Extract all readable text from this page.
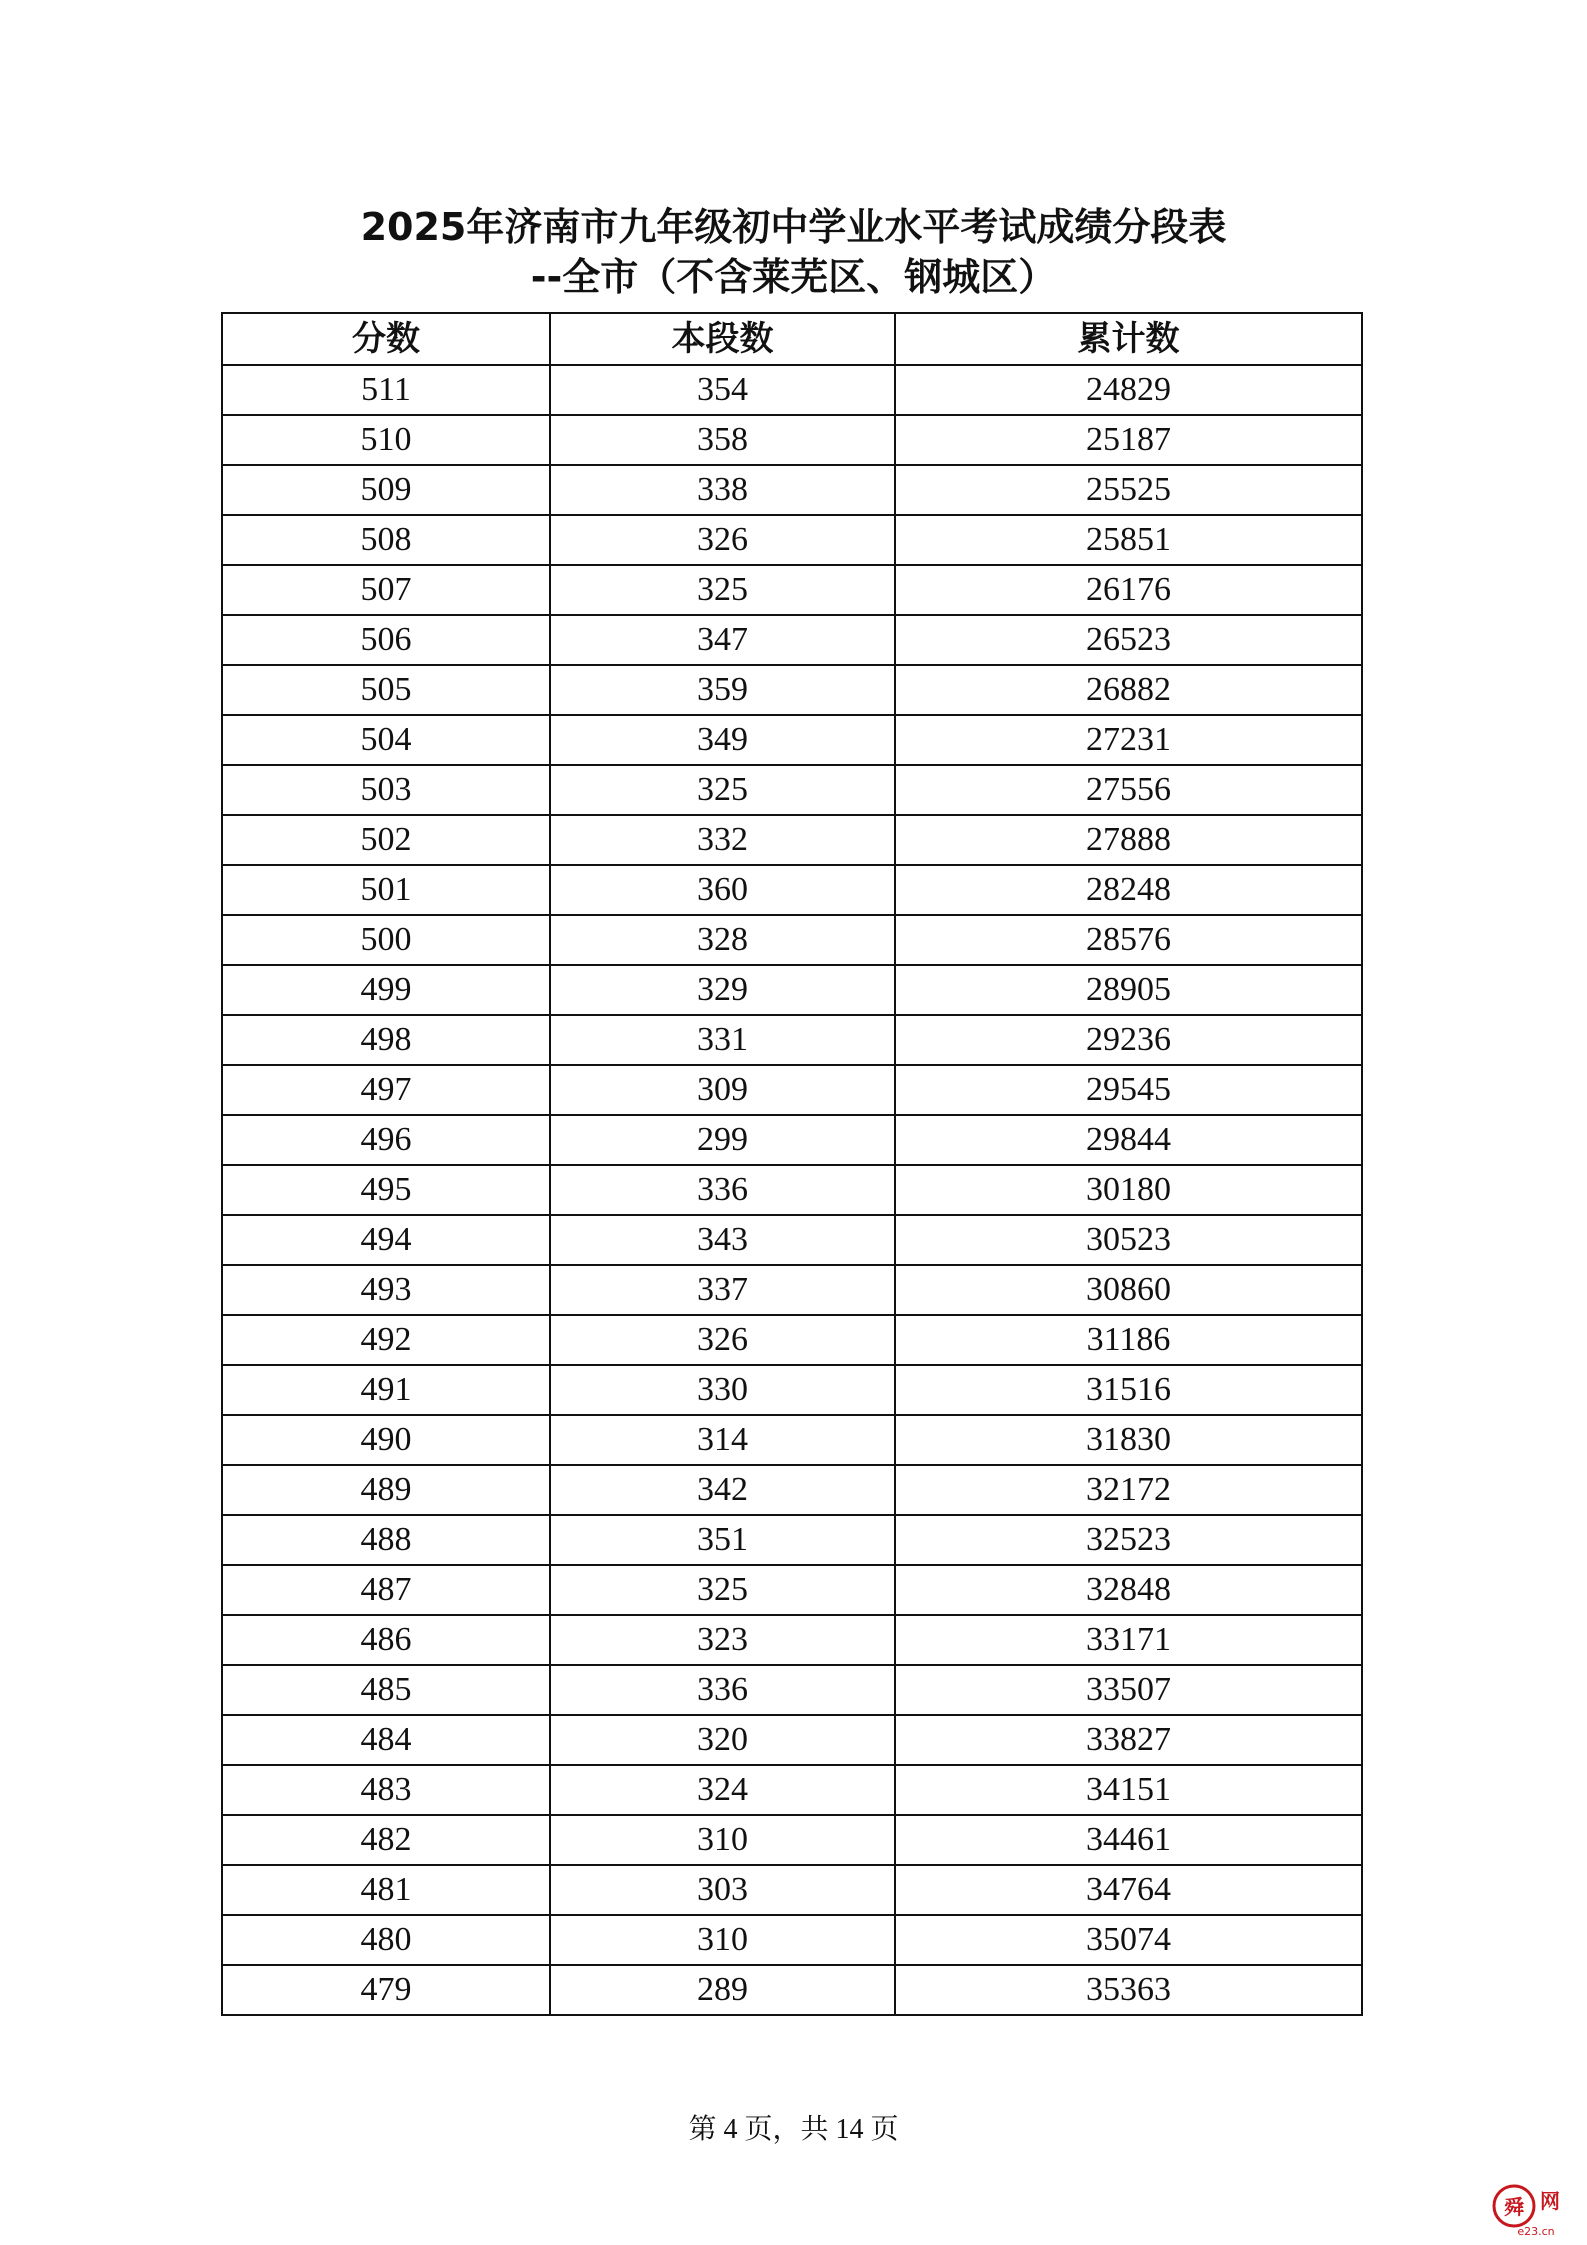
2025年济南市九年级初中学业水平考试成绩分段表
--全市（不含莱芜区、钢城区）
分数	本段数	累计数
511	354	24829
510	358	25187
509	338	25525
508	326	25851
507	325	26176
506	347	26523
505	359	26882
504	349	27231
503	325	27556
502	332	27888
501	360	28248
500	328	28576
499	329	28905
498	331	29236
497	309	29545
496	299	29844
495	336	30180
494	343	30523
493	337	30860
492	326	31186
491	330	31516
490	314	31830
489	342	32172
488	351	32523
487	325	32848
486	323	33171
485	336	33507
484	320	33827
483	324	34151
482	310	34461
481	303	34764
480	310	35074
479	289	35363
第 4 页，共 14 页
舜 网
e23.cn
